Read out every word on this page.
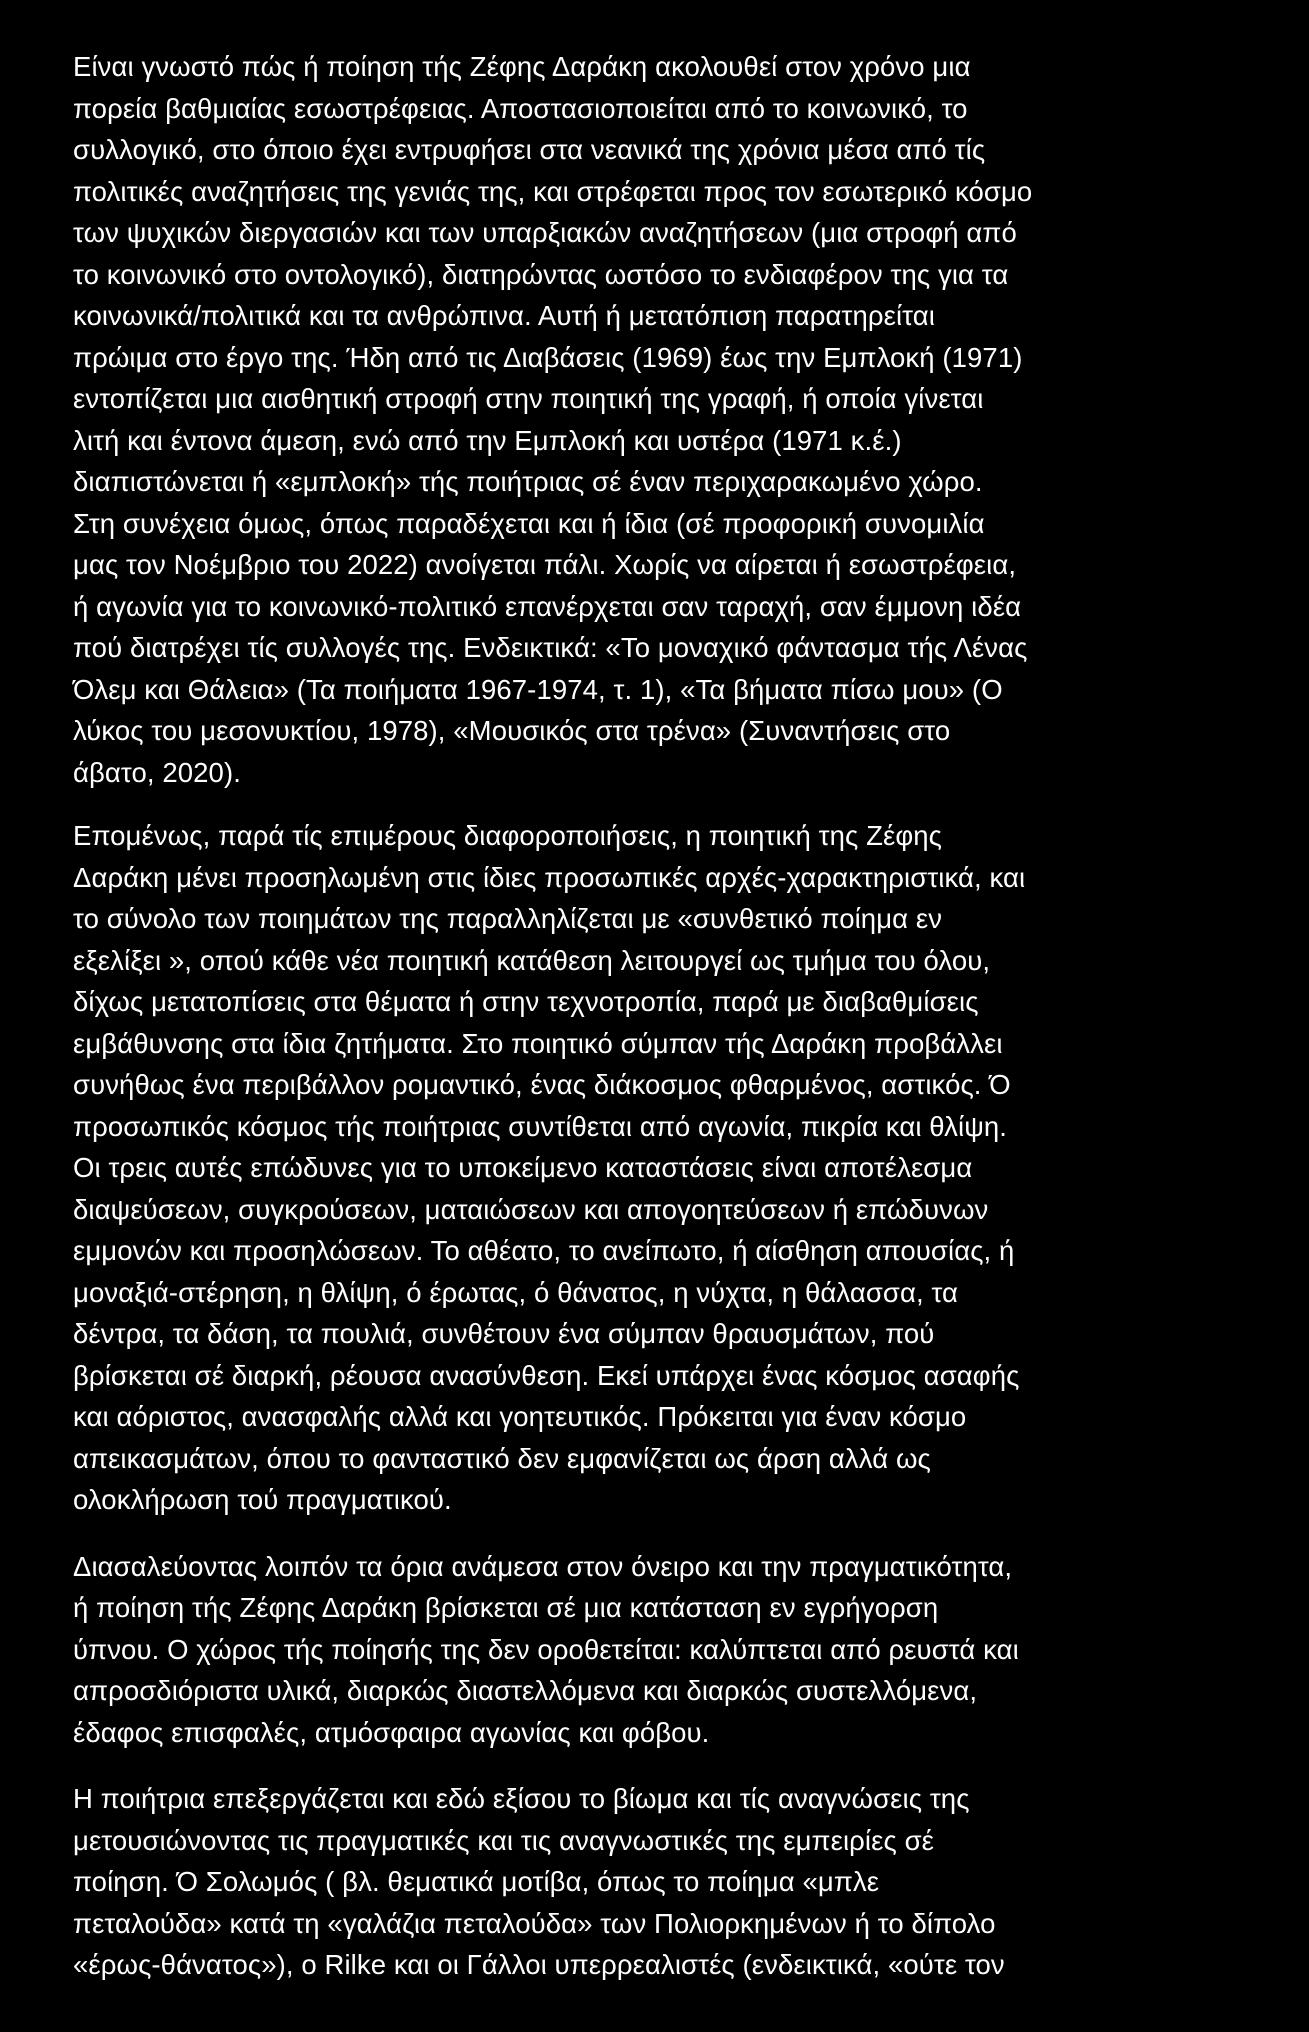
Είναι γνωστό πώς ή ποίηση τής Ζέφης Δαράκη ακολουθεί στον χρόνο μια
πορεία βαθμιαίας εσωστρέφειας. Αποστασιοποιείται από το κοινωνικό, το
συλλογικό, στο όποιο έχει εντρυφήσει στα νεανικά της χρόνια μέσα από τίς
πολιτικές αναζητήσεις της γενιάς της, και στρέφεται προς τον εσωτερικό κόσμο
των ψυχικών διεργασιών και των υπαρξιακών αναζητήσεων (μια στροφή από
το κοινωνικό στο οντολογικό), διατηρώντας ωστόσο το ενδιαφέρον της για τα
κοινωνικά/πολιτικά και τα ανθρώπινα. Αυτή ή μετατόπιση παρατηρείται
πρώιμα στο έργο της. Ήδη από τις Διαβάσεις (1969) έως την Εμπλοκή (1971)
εντοπίζεται μια αισθητική στροφή στην ποιητική της γραφή, ή οποία γίνεται
λιτή και έντονα άμεση, ενώ από την Εμπλοκή και υστέρα (1971 κ.έ.)
διαπιστώνεται ή «εμπλοκή» τής ποιήτριας σέ έναν περιχαρακωμένο χώρο.
Στη συνέχεια όμως, όπως παραδέχεται και ή ίδια (σέ προφορική συνομιλία
μας τον Νοέμβριο του 2022) ανοίγεται πάλι. Χωρίς να αίρεται ή εσωστρέφεια,
ή αγωνία για το κοινωνικό-πολιτικό επανέρχεται σαν ταραχή, σαν έμμονη ιδέα
πού διατρέχει τίς συλλογές της. Ενδεικτικά: «Το μοναχικό φάντασμα τής Λένας
Όλεμ και Θάλεια» (Τα ποιήματα 1967-1974, τ. 1), «Τα βήματα πίσω μου» (Ο
λύκος του μεσονυκτίου, 1978), «Μουσικός στα τρένα» (Συναντήσεις στο
άβατο, 2020).
Επομένως, παρά τίς επιμέρους διαφοροποιήσεις, η ποιητική της Ζέφης
Δαράκη μένει προσηλωμένη στις ίδιες προσωπικές αρχές-χαρακτηριστικά, και
το σύνολο των ποιημάτων της παραλληλίζεται με «συνθετικό ποίημα εν
εξελίξει », οπού κάθε νέα ποιητική κατάθεση λειτουργεί ως τμήμα του όλου,
δίχως μετατοπίσεις στα θέματα ή στην τεχνοτροπία, παρά με διαβαθμίσεις
εμβάθυνσης στα ίδια ζητήματα. Στο ποιητικό σύμπαν τής Δαράκη προβάλλει
συνήθως ένα περιβάλλον ρομαντικό, ένας διάκοσμος φθαρμένος, αστικός. Ό
προσωπικός κόσμος τής ποιήτριας συντίθεται από αγωνία, πικρία και θλίψη.
Οι τρεις αυτές επώδυνες για το υποκείμενο καταστάσεις είναι αποτέλεσμα
διαψεύσεων, συγκρούσεων, ματαιώσεων και απογοητεύσεων ή επώδυνων
εμμονών και προσηλώσεων. Το αθέατο, το ανείπωτο, ή αίσθηση απουσίας, ή
μοναξιά-στέρηση, η θλίψη, ό έρωτας, ό θάνατος, η νύχτα, η θάλασσα, τα
δέντρα, τα δάση, τα πουλιά, συνθέτουν ένα σύμπαν θραυσμάτων, πού
βρίσκεται σέ διαρκή, ρέουσα ανασύνθεση. Εκεί υπάρχει ένας κόσμος ασαφής
και αόριστος, ανασφαλής αλλά και γοητευτικός. Πρόκειται για έναν κόσμο
απεικασμάτων, όπου το φανταστικό δεν εμφανίζεται ως άρση αλλά ως
ολοκλήρωση τού πραγματικού.
Διασαλεύοντας λοιπόν τα όρια ανάμεσα στον όνειρο και την πραγματικότητα,
ή ποίηση τής Ζέφης Δαράκη βρίσκεται σέ μια κατάσταση εν εγρήγορση
ύπνου. Ο χώρος τής ποίησής της δεν οροθετείται: καλύπτεται από ρευστά και
απροσδιόριστα υλικά, διαρκώς διαστελλόμενα και διαρκώς συστελλόμενα,
έδαφος επισφαλές, ατμόσφαιρα αγωνίας και φόβου.
Η ποιήτρια επεξεργάζεται και εδώ εξίσου το βίωμα και τίς αναγνώσεις της
μετουσιώνοντας τις πραγματικές και τις αναγνωστικές της εμπειρίες σέ
ποίηση. Ό Σολωμός ( βλ. θεματικά μοτίβα, όπως το ποίημα «μπλε
πεταλούδα» κατά τη «γαλάζια πεταλούδα» των Πολιορκημένων ή το δίπολο
«έρως-θάνατος»), ο Rilke και οι Γάλλοι υπερρεαλιστές (ενδεικτικά, «ούτε τον
